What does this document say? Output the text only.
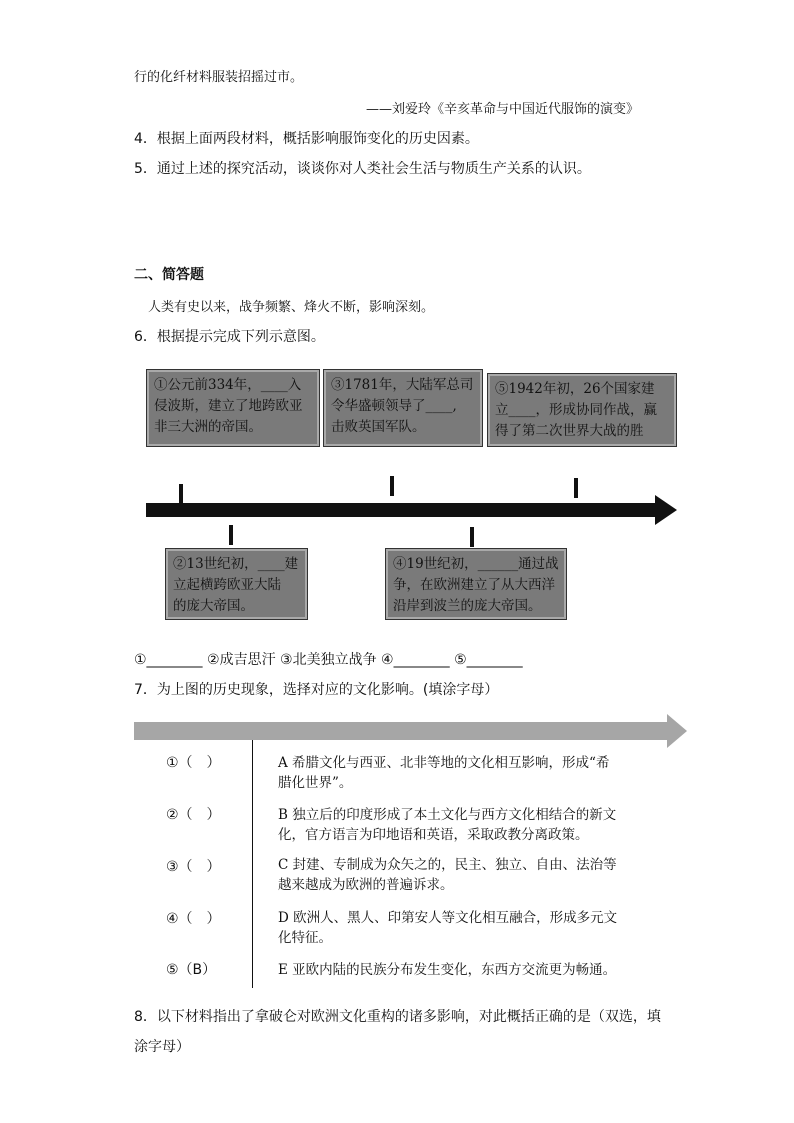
行的化纤材料服装招摇过市。
——刘爱玲《辛亥革命与中国近代服饰的演变》
4．根据上面两段材料，概括影响服饰变化的历史因素。
5．通过上述的探究活动，谈谈你对人类社会生活与物质生产关系的认识。
二、简答题
人类有史以来，战争频繁、烽火不断，影响深刻。
6．根据提示完成下列示意图。
①公元前334年，____入
侵波斯，建立了地跨欧亚
非三大洲的帝国。
③1781年，大陆军总司
令华盛顿领导了____,
击败英国军队。
⑤1942年初，26个国家建
立____，形成协同作战，赢
得了第二次世界大战的胜
②13世纪初，____建
立起横跨欧亚大陆
的庞大帝国。
④19世纪初，______通过战
争，在欧洲建立了从大西洋
沿岸到波兰的庞大帝国。
①________ ②成吉思汗 ③北美独立战争 ④________ ⑤________
7．为上图的历史现象，选择对应的文化影响。(填涂字母）
①（　）
②（　）
③（　）
④（　）
⑤（B）
A 希腊文化与西亚、北非等地的文化相互影响，形成“希
腊化世界”。
B 独立后的印度形成了本土文化与西方文化相结合的新文
化，官方语言为印地语和英语，采取政教分离政策。
C 封建、专制成为众矢之的，民主、独立、自由、法治等
越来越成为欧洲的普遍诉求。
D 欧洲人、黑人、印第安人等文化相互融合，形成多元文
化特征。
E 亚欧内陆的民族分布发生变化，东西方交流更为畅通。
8．以下材料指出了拿破仑对欧洲文化重构的诸多影响，对此概括正确的是（双选，填
涂字母）
